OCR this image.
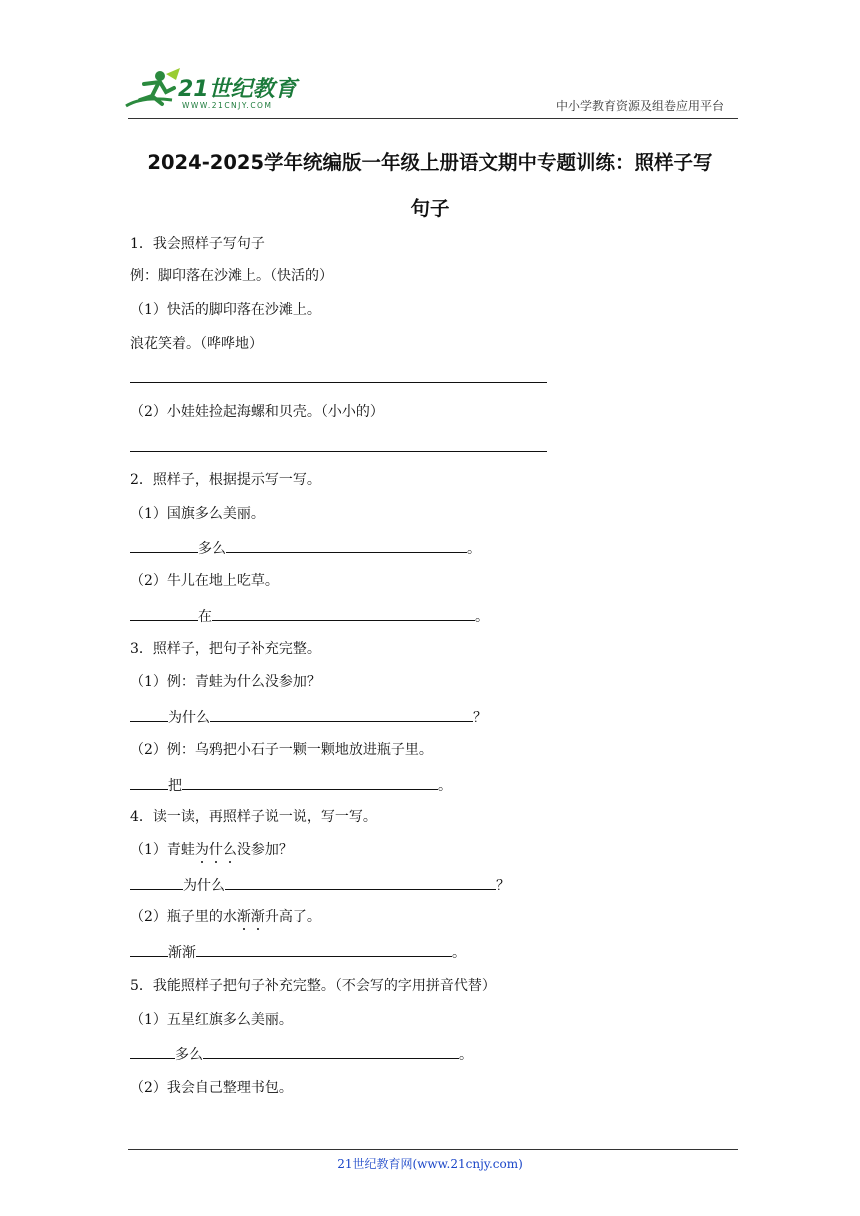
21世纪教育
WWW.21CNJY.COM	中小学教育资源及组卷应用平台
2024-2025学年统编版一年级上册语文期中专题训练：照样子写
句子
1．我会照样子写句子
例：脚印落在沙滩上。（快活的）
（1）快活的脚印落在沙滩上。
浪花笑着。（哗哗地）
（2）小娃娃捡起海螺和贝壳。（小小的）
2．照样子，根据提示写一写。
（1）国旗多么美丽。
多么	。
（2）牛儿在地上吃草。
在	。
3．照样子，把句子补充完整。
（1）例：青蛙为什么没参加？
为什么	？
（2）例：乌鸦把小石子一颗一颗地放进瓶子里。
把	。
4．读一读，再照样子说一说，写一写。
（1）青蛙为什么没参加？
为什么	？
（2）瓶子里的水渐渐升高了。
渐渐	。
5．我能照样子把句子补充完整。（不会写的字用拼音代替）
（1）五星红旗多么美丽。
多么	。
（2）我会自己整理书包。
21世纪教育网(www.21cnjy.com)
